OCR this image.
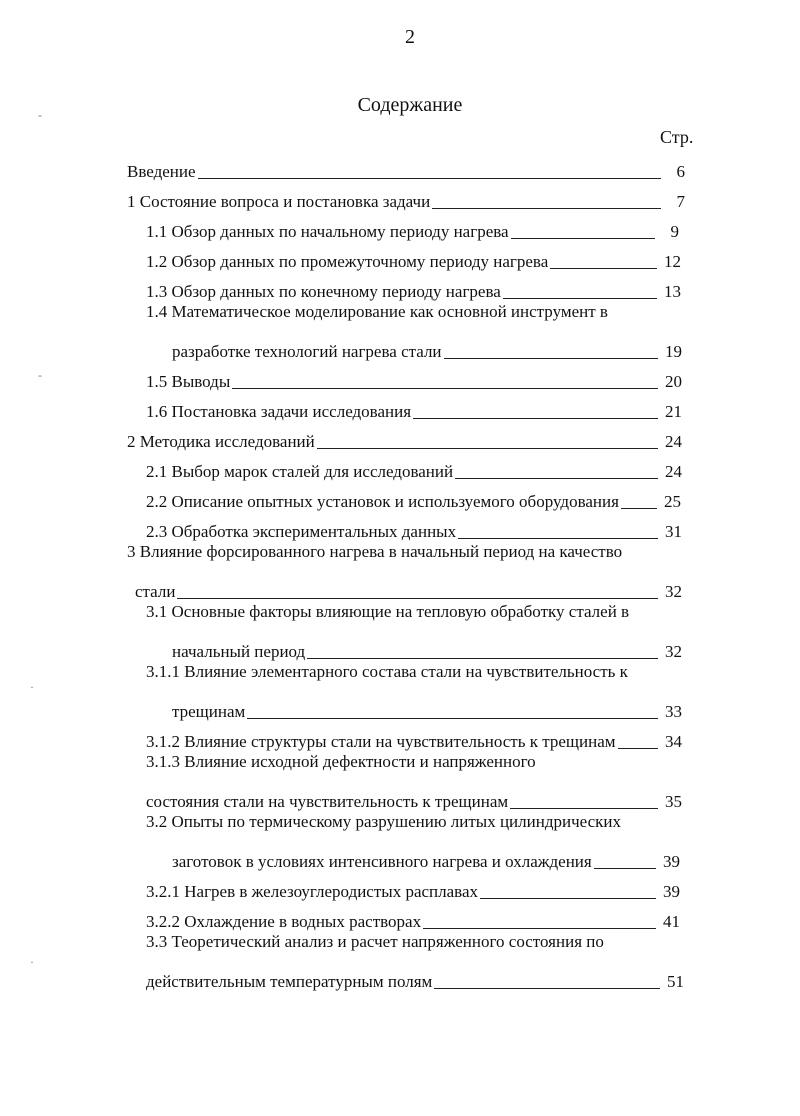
2
Содержание
Стр.
Введение	6
1 Состояние вопроса и постановка задачи	7
1.1 Обзор данных по начальному периоду нагрева	9
1.2 Обзор данных по промежуточному периоду нагрева	12
1.3 Обзор данных по конечному периоду нагрева	13
1.4 Математическое моделирование как основной инструмент в
разработке технологий нагрева стали	19
1.5 Выводы	20
1.6 Постановка задачи исследования	21
2 Методика исследований	24
2.1 Выбор марок сталей для исследований	24
2.2 Описание опытных установок и используемого оборудования	25
2.3 Обработка экспериментальных данных	31
3 Влияние форсированного нагрева в начальный период на качество
стали	32
3.1 Основные факторы влияющие на тепловую обработку сталей в
начальный период	32
3.1.1 Влияние элементарного состава стали на чувствительность к
трещинам	33
3.1.2 Влияние структуры стали на чувствительность к трещинам	34
3.1.3 Влияние исходной дефектности и напряженного
состояния стали на чувствительность к трещинам	35
3.2 Опыты по термическому разрушению литых цилиндрических
заготовок в условиях интенсивного нагрева и охлаждения	39
3.2.1 Нагрев в железоуглеродистых расплавах	39
3.2.2 Охлаждение в водных растворах	41
3.3 Теоретический анализ и расчет напряженного состояния по
действительным температурным полям	51
-
-
·
·
